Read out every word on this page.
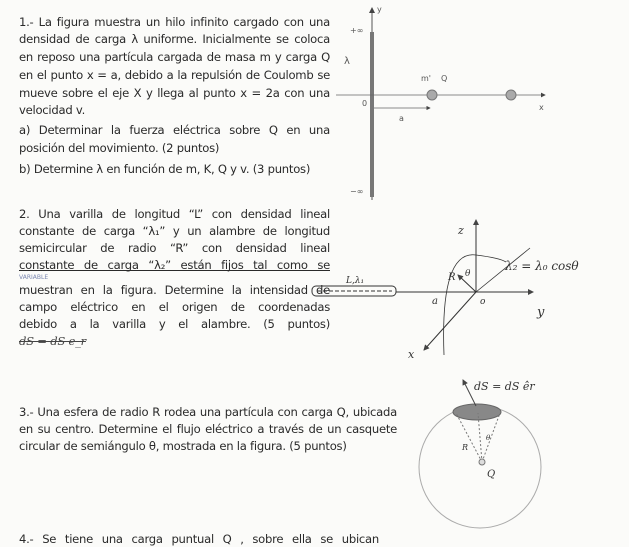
1.- La figura muestra un hilo infinito cargado con una
densidad de carga λ uniforme. Inicialmente se coloca
en reposo una partícula cargada de masa m y carga Q
en el punto x = a, debido a la repulsión de Coulomb se
mueve sobre el eje X y llega al punto x = 2a con una
velocidad v.
a) Determinar la fuerza eléctrica sobre Q en una
posición del movimiento. (2 puntos)
b) Determine λ en función de m, K, Q y v. (3 puntos)
2. Una varilla de longitud “L” con densidad lineal
constante de carga “λ₁” y un alambre de longitud
semicircular de radio “R” con densidad lineal
constante de carga “λ₂” están fijos tal como se
VARIABLE
muestran en la figura. Determine la intensidad de
campo eléctrico en el origen de coordenadas
debido a la varilla y el alambre. (5 puntos)
dS = dS e_r
3.- Una esfera de radio R rodea una partícula con carga Q, ubicada
en su centro. Determine el flujo eléctrico a través de un casquete
circular de semiángulo θ, mostrada en la figura. (5 puntos)
4.- Se tiene una carga puntual Q , sobre ella se ubican
y
+∞
λ
0
m' Q
a
x
−∞
z
y
x
o
L,λ₁
a
R θ
λ₂ = λ₀ cosθ
dS = dS êr
R
θ
Q
